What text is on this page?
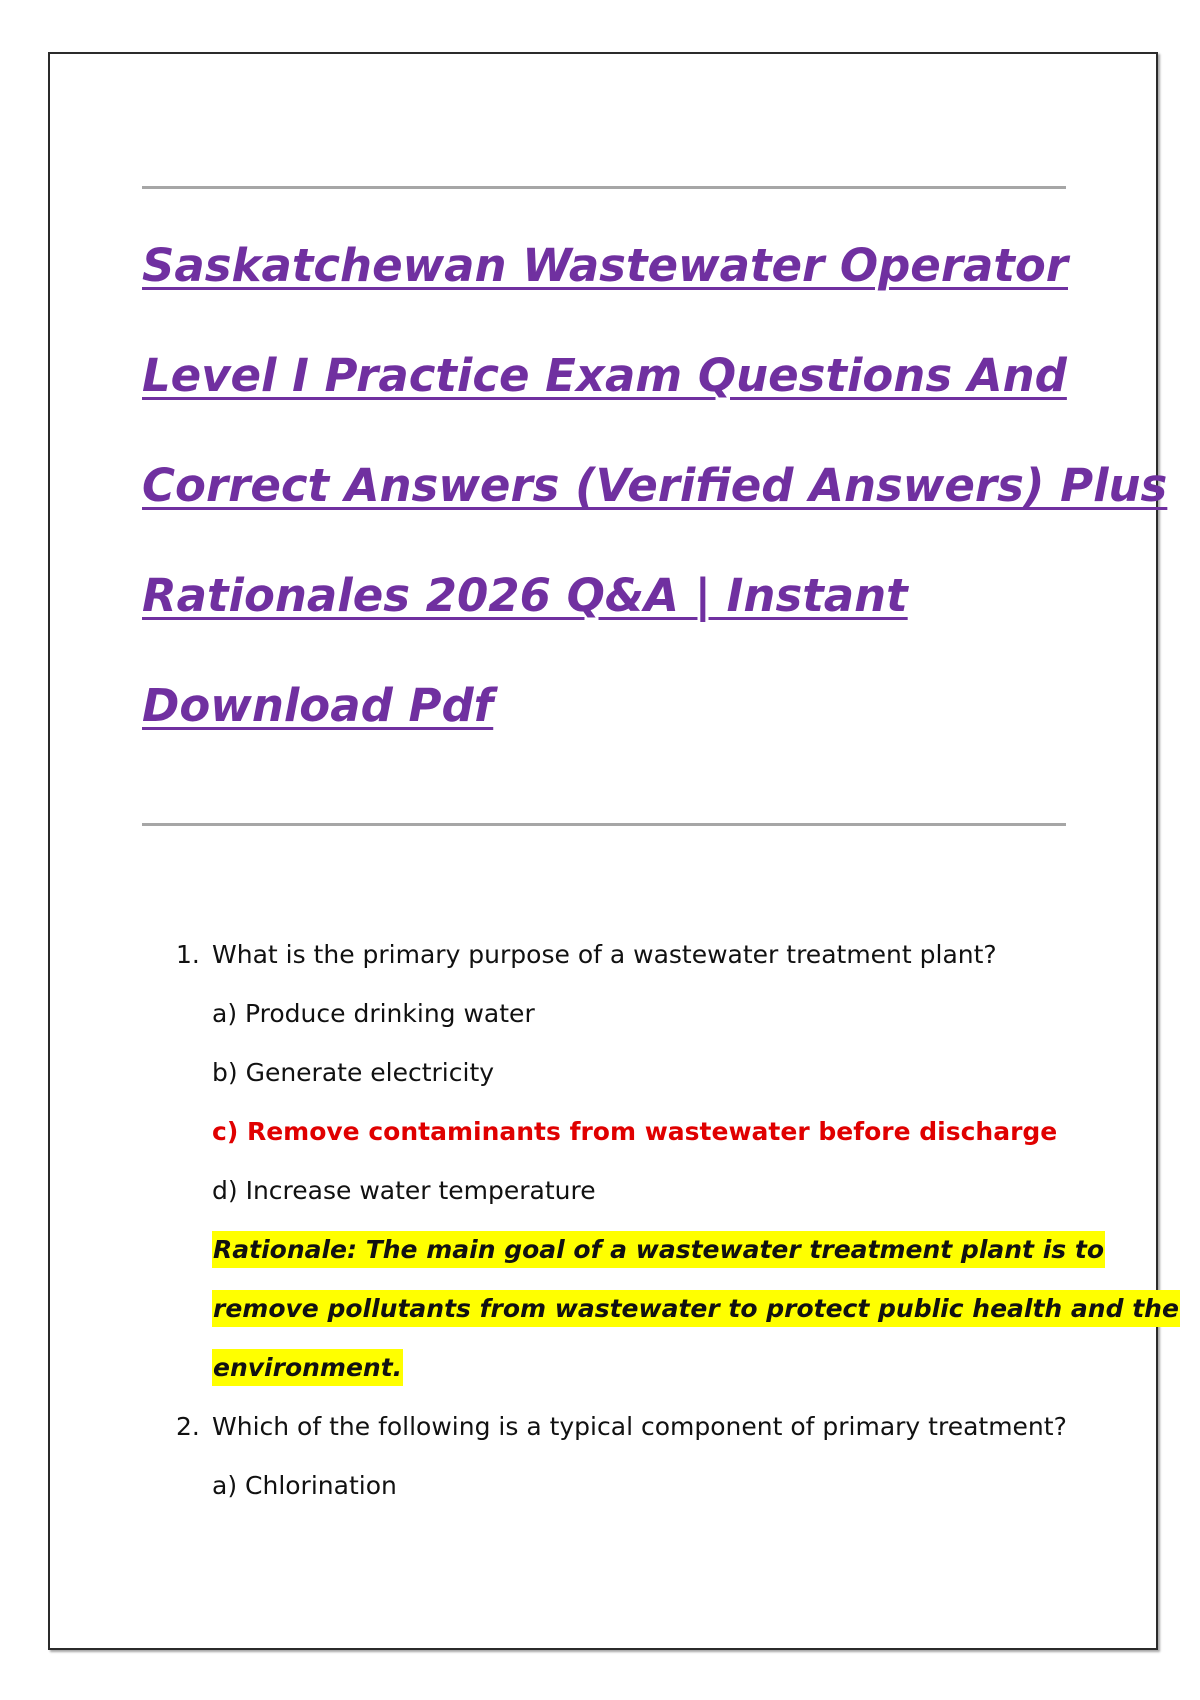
Saskatchewan Wastewater Operator
Level I Practice Exam Questions And
Correct Answers (Verified Answers) Plus
Rationales 2026 Q&A | Instant
Download Pdf
1. What is the primary purpose of a wastewater treatment plant?
a) Produce drinking water
b) Generate electricity
c) Remove contaminants from wastewater before discharge
d) Increase water temperature
Rationale: The main goal of a wastewater treatment plant is to
remove pollutants from wastewater to protect public health and the
environment.
2. Which of the following is a typical component of primary treatment?
a) Chlorination
